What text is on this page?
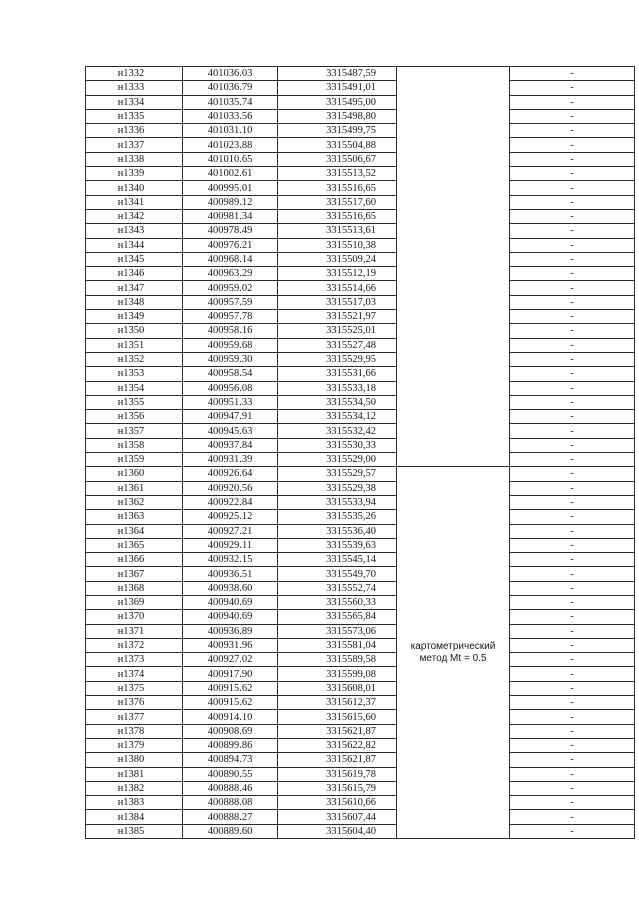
н1332	401036.03	3315487,59		-
н1333	401036.79	3315491,01		-
н1334	401035.74	3315495,00		-
н1335	401033.56	3315498,80		-
н1336	401031.10	3315499,75		-
н1337	401023.88	3315504,88		-
н1338	401010.65	3315506,67		-
н1339	401002.61	3315513,52		-
н1340	400995.01	3315516,65		-
н1341	400989.12	3315517,60		-
н1342	400981.34	3315516,65		-
н1343	400978.49	3315513,61		-
н1344	400976.21	3315510,38		-
н1345	400968.14	3315509,24		-
н1346	400963.29	3315512,19		-
н1347	400959.02	3315514,66		-
н1348	400957.59	3315517,03		-
н1349	400957.78	3315521,97		-
н1350	400958.16	3315525,01		-
н1351	400959.68	3315527,48		-
н1352	400959.30	3315529,95		-
н1353	400958.54	3315531,66		-
н1354	400956.08	3315533,18		-
н1355	400951.33	3315534,50		-
н1356	400947.91	3315534,12		-
н1357	400945.63	3315532,42		-
н1358	400937.84	3315530,33		-
н1359	400931.39	3315529,00		-
н1360	400926.64	3315529,57	картометрический метод Mt = 0.5	-
н1361	400920.56	3315529,38		-
н1362	400922.84	3315533,94		-
н1363	400925.12	3315535,26		-
н1364	400927.21	3315536,40		-
н1365	400929.11	3315539,63		-
н1366	400932.15	3315545,14		-
н1367	400936.51	3315549,70		-
н1368	400938.60	3315552,74		-
н1369	400940.69	3315560,33		-
н1370	400940.69	3315565,84		-
н1371	400936.89	3315573,06		-
н1372	400931.96	3315581,04		-
н1373	400927.02	3315589,58		-
н1374	400917.90	3315599,08		-
н1375	400915.62	3315608,01		-
н1376	400915.62	3315612,37		-
н1377	400914.10	3315615,60		-
н1378	400908.69	3315621,87		-
н1379	400899.86	3315622,82		-
н1380	400894.73	3315621,87		-
н1381	400890.55	3315619,78		-
н1382	400888.46	3315615,79		-
н1383	400888.08	3315610,66		-
н1384	400888.27	3315607,44		-
н1385	400889.60	3315604,40		-
